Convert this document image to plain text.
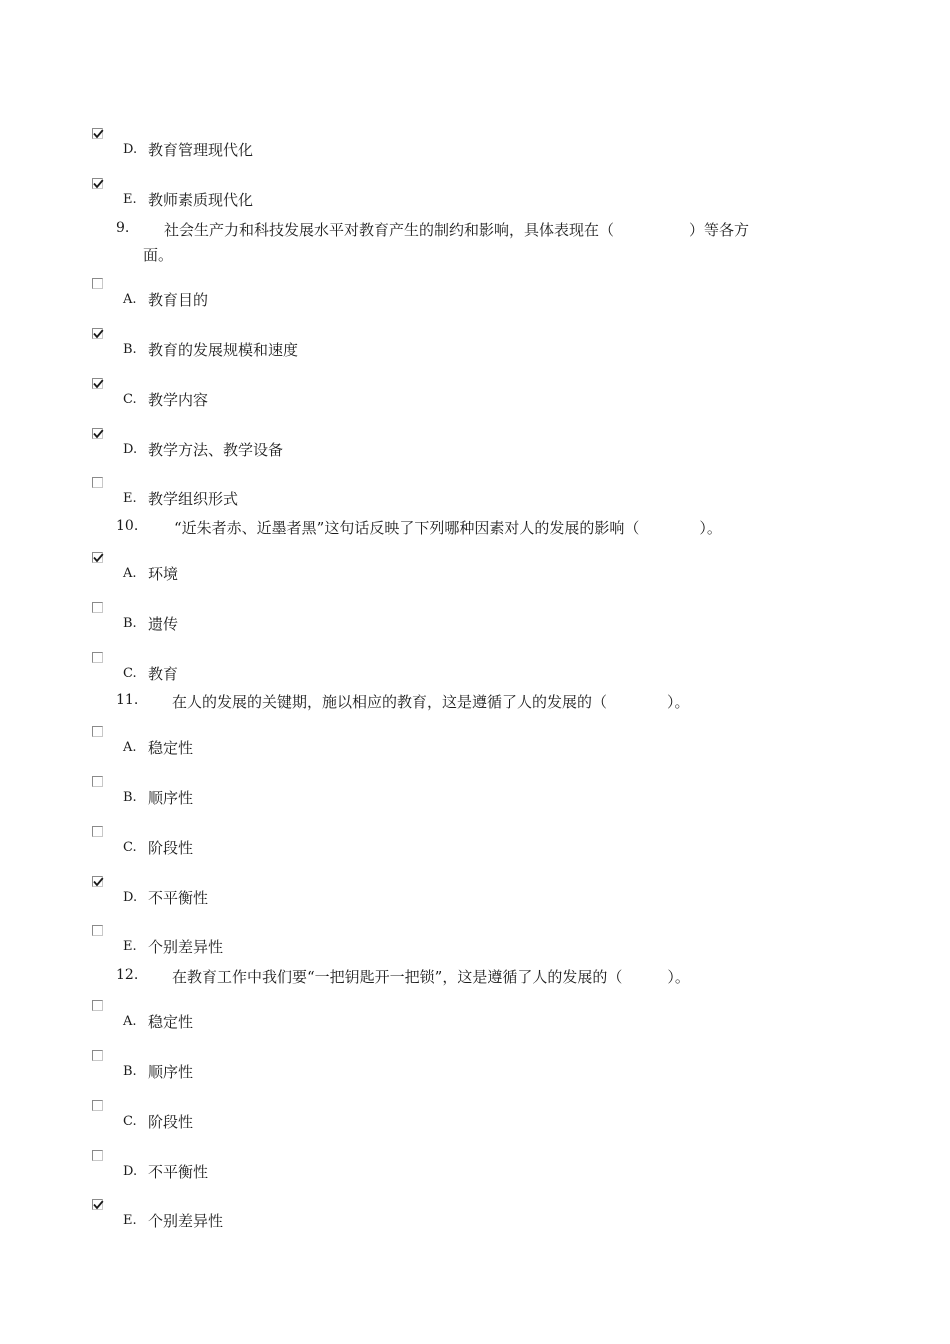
D. 教育管理现代化
E. 教师素质现代化
9. 社会生产力和科技发展水平对教育产生的制约和影响，具体表现在（　　　　　）等各方
面。
A. 教育目的
B. 教育的发展规模和速度
C. 教学内容
D. 教学方法、教学设备
E. 教学组织形式
10. “近朱者赤、近墨者黑”这句话反映了下列哪种因素对人的发展的影响（　　　　）。
A. 环境
B. 遗传
C. 教育
11. 在人的发展的关键期，施以相应的教育，这是遵循了人的发展的（　　　　）。
A. 稳定性
B. 顺序性
C. 阶段性
D. 不平衡性
E. 个别差异性
12. 在教育工作中我们要“一把钥匙开一把锁”，这是遵循了人的发展的（　　　）。
A. 稳定性
B. 顺序性
C. 阶段性
D. 不平衡性
E. 个别差异性
